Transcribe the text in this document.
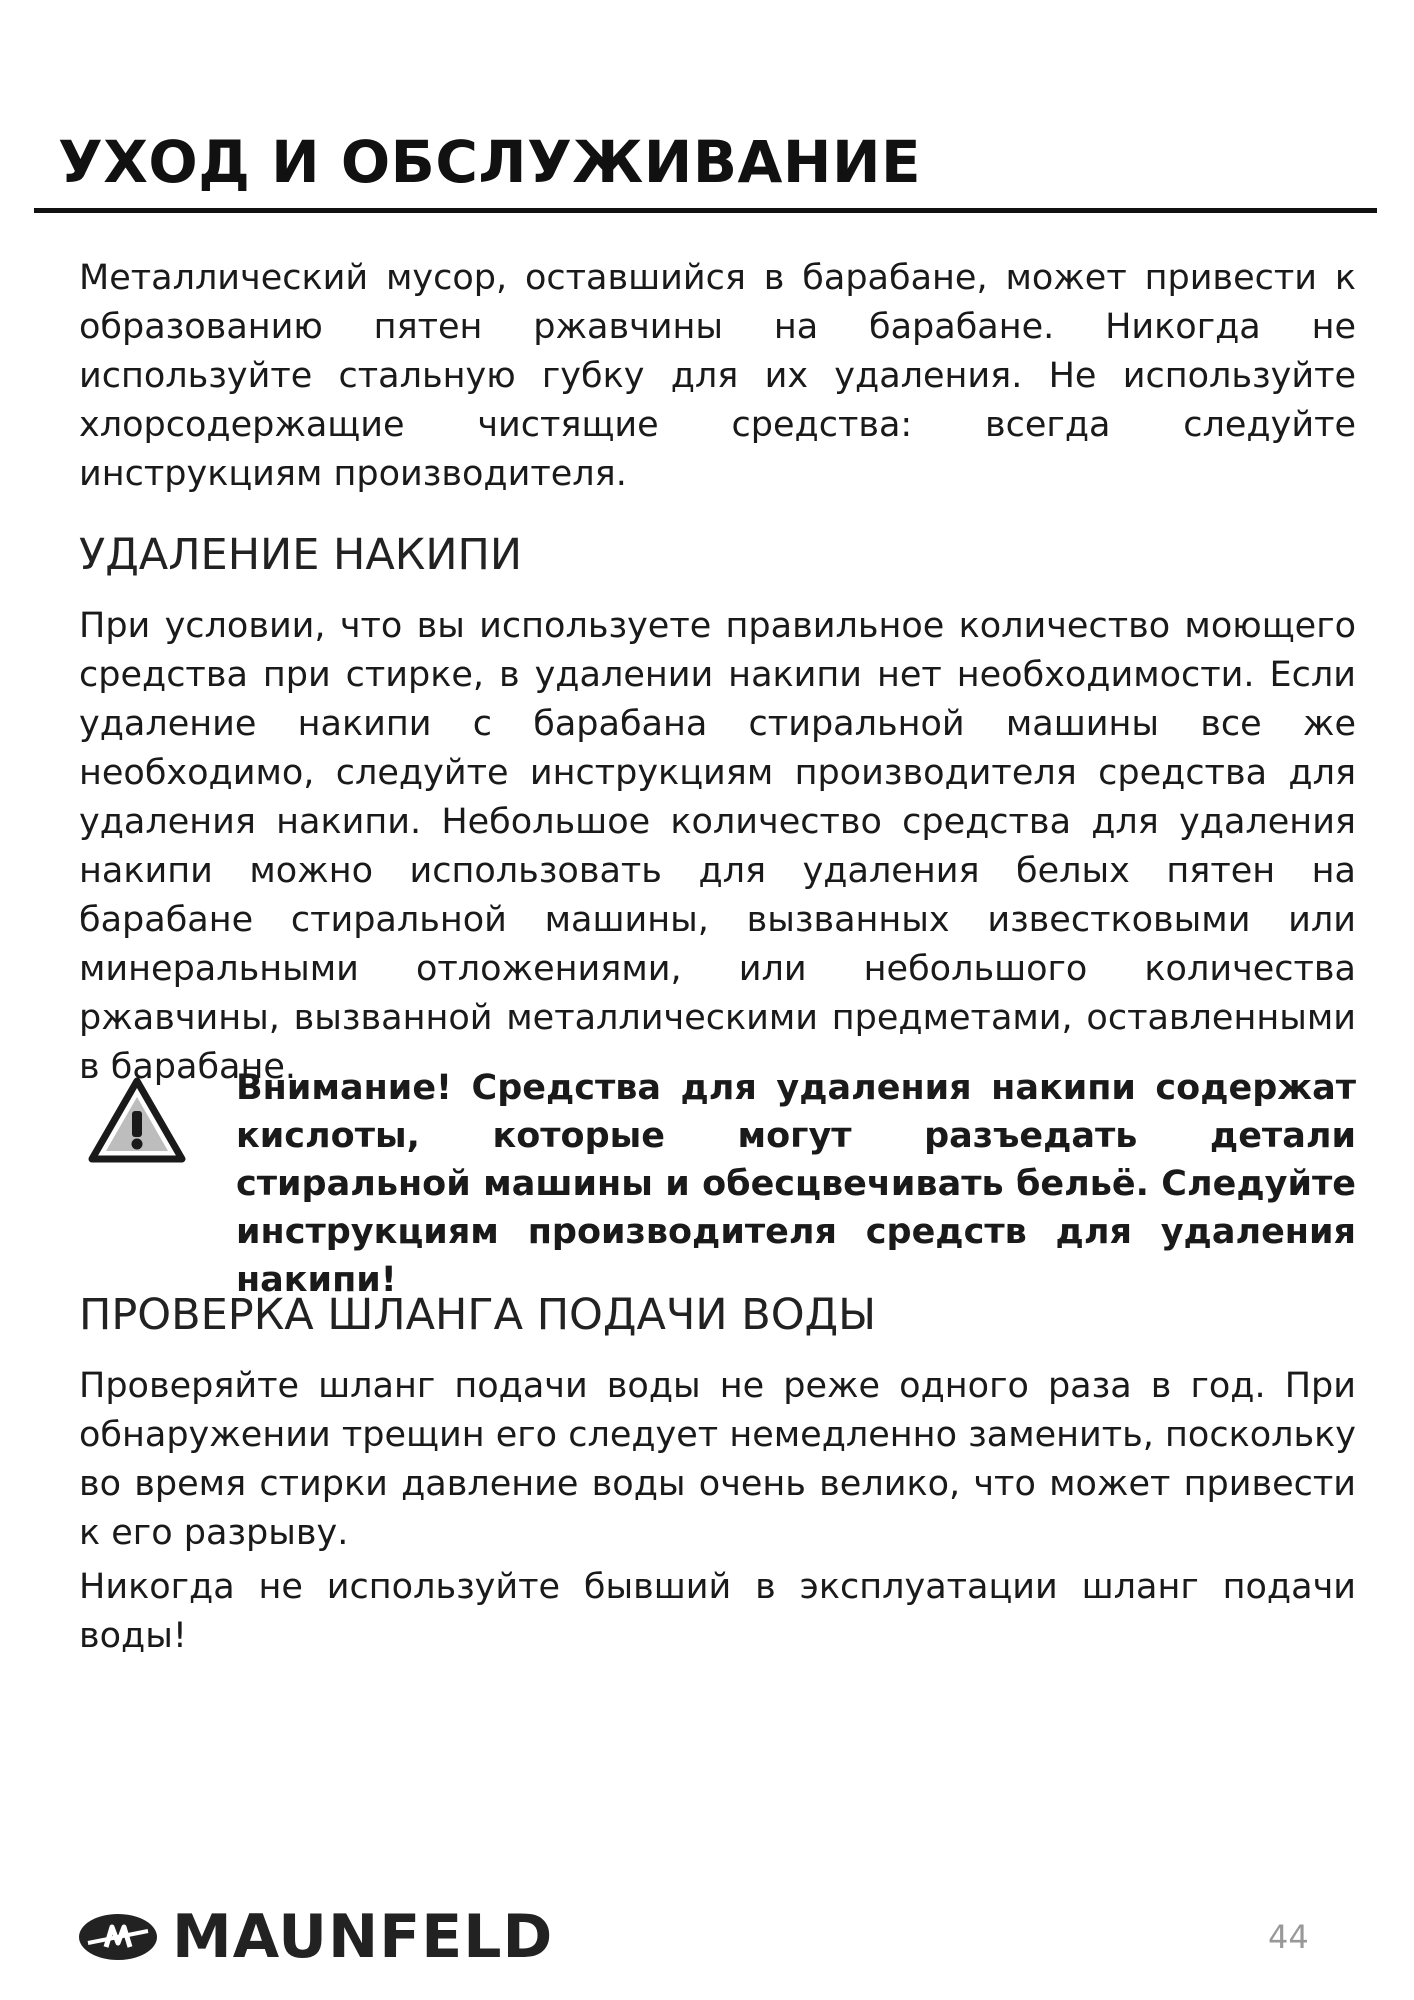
УХОД И ОБСЛУЖИВАНИЕ

Металлический мусор, оставшийся в барабане, может привести к образованию пятен ржавчины на барабане. Никогда не используйте стальную губку для их удаления. Не используйте хлорсодержащие чистящие средства: всегда следуйте инструкциям производителя.

УДАЛЕНИЕ НАКИПИ

При условии, что вы используете правильное количество моющего средства при стирке, в удалении накипи нет необходимости. Если удаление накипи с барабана стиральной машины все же необходимо, следуйте инструкциям производителя средства для удаления накипи. Небольшое количество средства для удаления накипи можно использовать для удаления белых пятен на барабане стиральной машины, вызванных известковыми или минеральными отложениями, или небольшого количества ржавчины, вызванной металлическими предметами, оставленными в барабане.

Внимание! Средства для удаления накипи содержат кислоты, которые могут разъедать детали стиральной машины и обесцвечивать бельё. Следуйте инструкциям производителя средств для удаления накипи!

ПРОВЕРКА ШЛАНГА ПОДАЧИ ВОДЫ

Проверяйте шланг подачи воды не реже одного раза в год. При обнаружении трещин его следует немедленно заменить, поскольку во время стирки давление воды очень велико, что может привести к его разрыву.

Никогда не используйте бывший в эксплуатации шланг подачи воды!

MAUNFELD	44
